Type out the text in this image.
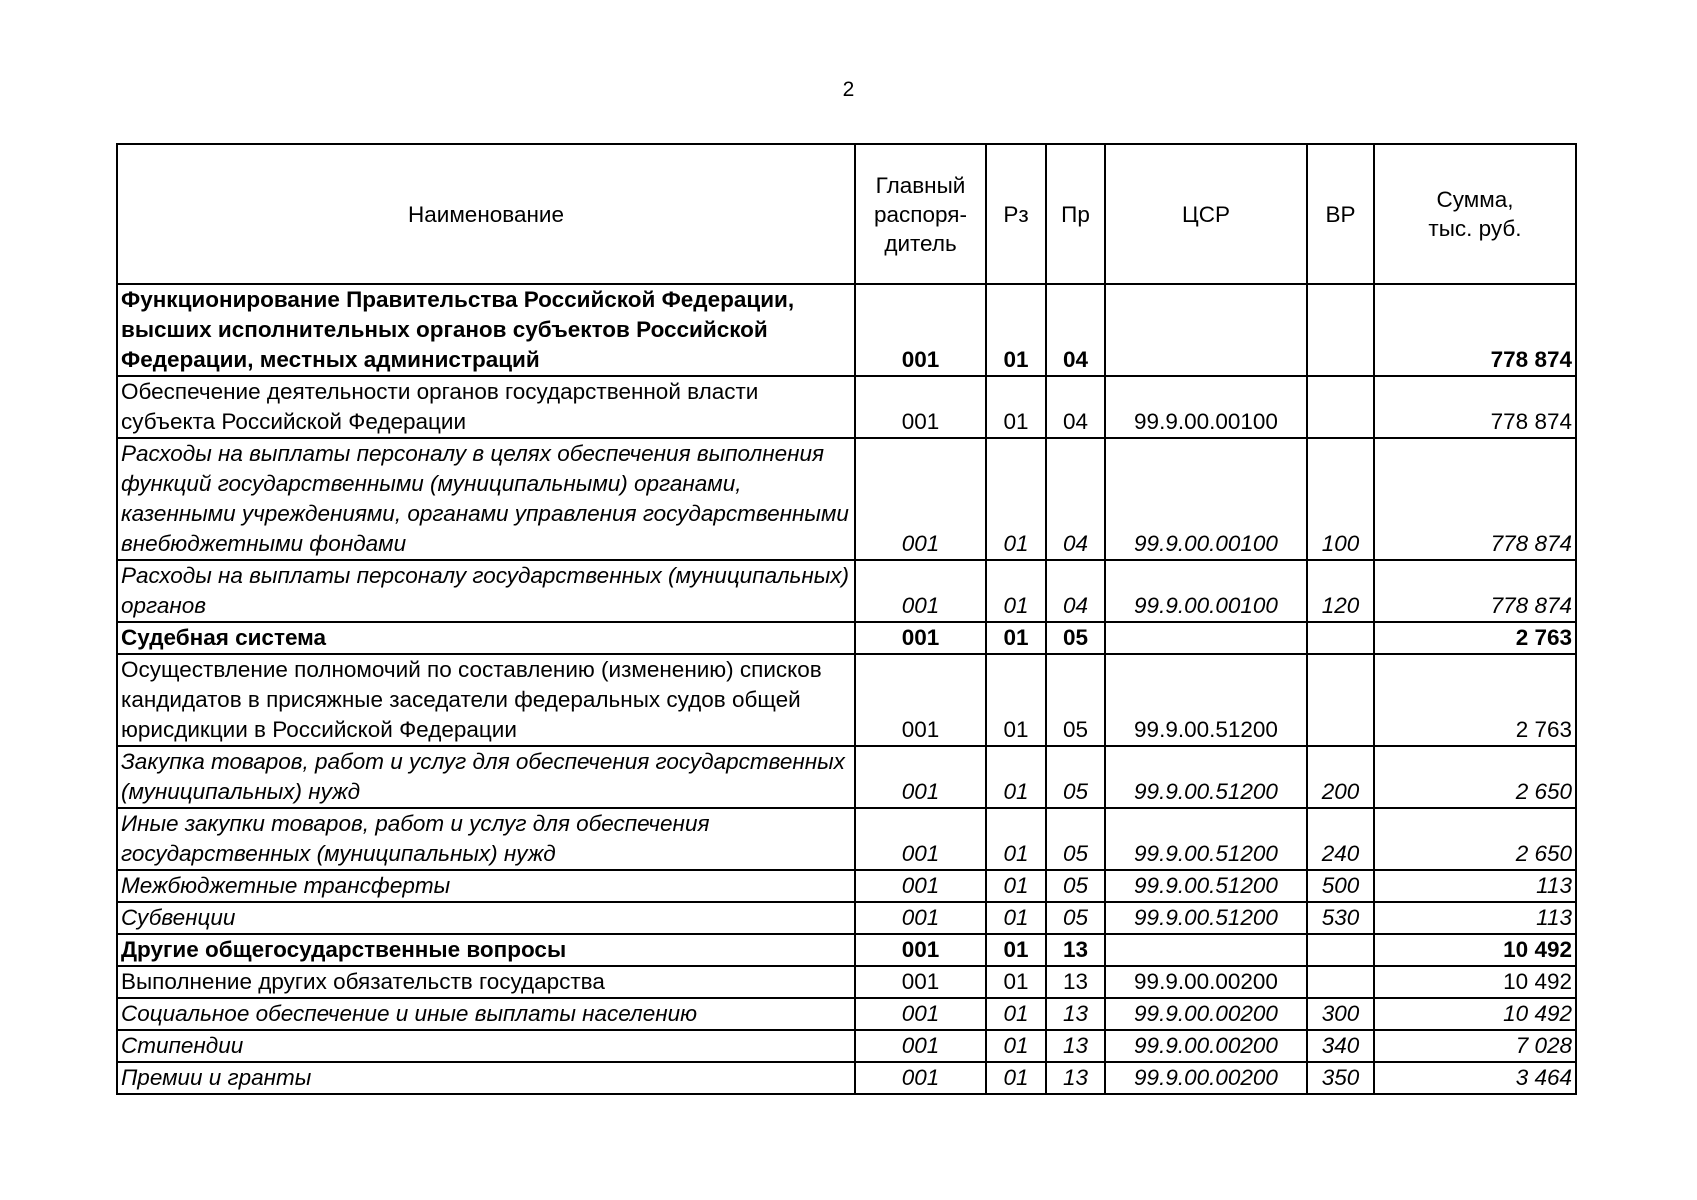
2
Наименование	Главный распоря-дитель	Рз	Пр	ЦСР	ВР	Сумма, тыс. руб.
Функционирование Правительства Российской Федерации, высших исполнительных органов субъектов Российской Федерации, местных администраций	001	01	04			778 874
Обеспечение деятельности органов государственной власти субъекта Российской Федерации	001	01	04	99.9.00.00100		778 874
Расходы на выплаты персоналу в целях обеспечения выполнения функций государственными (муниципальными) органами, казенными учреждениями, органами управления государственными внебюджетными фондами	001	01	04	99.9.00.00100	100	778 874
Расходы на выплаты персоналу государственных (муниципальных) органов	001	01	04	99.9.00.00100	120	778 874
Судебная система	001	01	05			2 763
Осуществление полномочий по составлению (изменению) списков кандидатов в присяжные заседатели федеральных судов общей юрисдикции в Российской Федерации	001	01	05	99.9.00.51200		2 763
Закупка товаров, работ и услуг для обеспечения государственных (муниципальных) нужд	001	01	05	99.9.00.51200	200	2 650
Иные закупки товаров, работ и услуг для обеспечения государственных (муниципальных) нужд	001	01	05	99.9.00.51200	240	2 650
Межбюджетные трансферты	001	01	05	99.9.00.51200	500	113
Субвенции	001	01	05	99.9.00.51200	530	113
Другие общегосударственные вопросы	001	01	13			10 492
Выполнение других обязательств государства	001	01	13	99.9.00.00200		10 492
Социальное обеспечение и иные выплаты населению	001	01	13	99.9.00.00200	300	10 492
Стипендии	001	01	13	99.9.00.00200	340	7 028
Премии и гранты	001	01	13	99.9.00.00200	350	3 464
